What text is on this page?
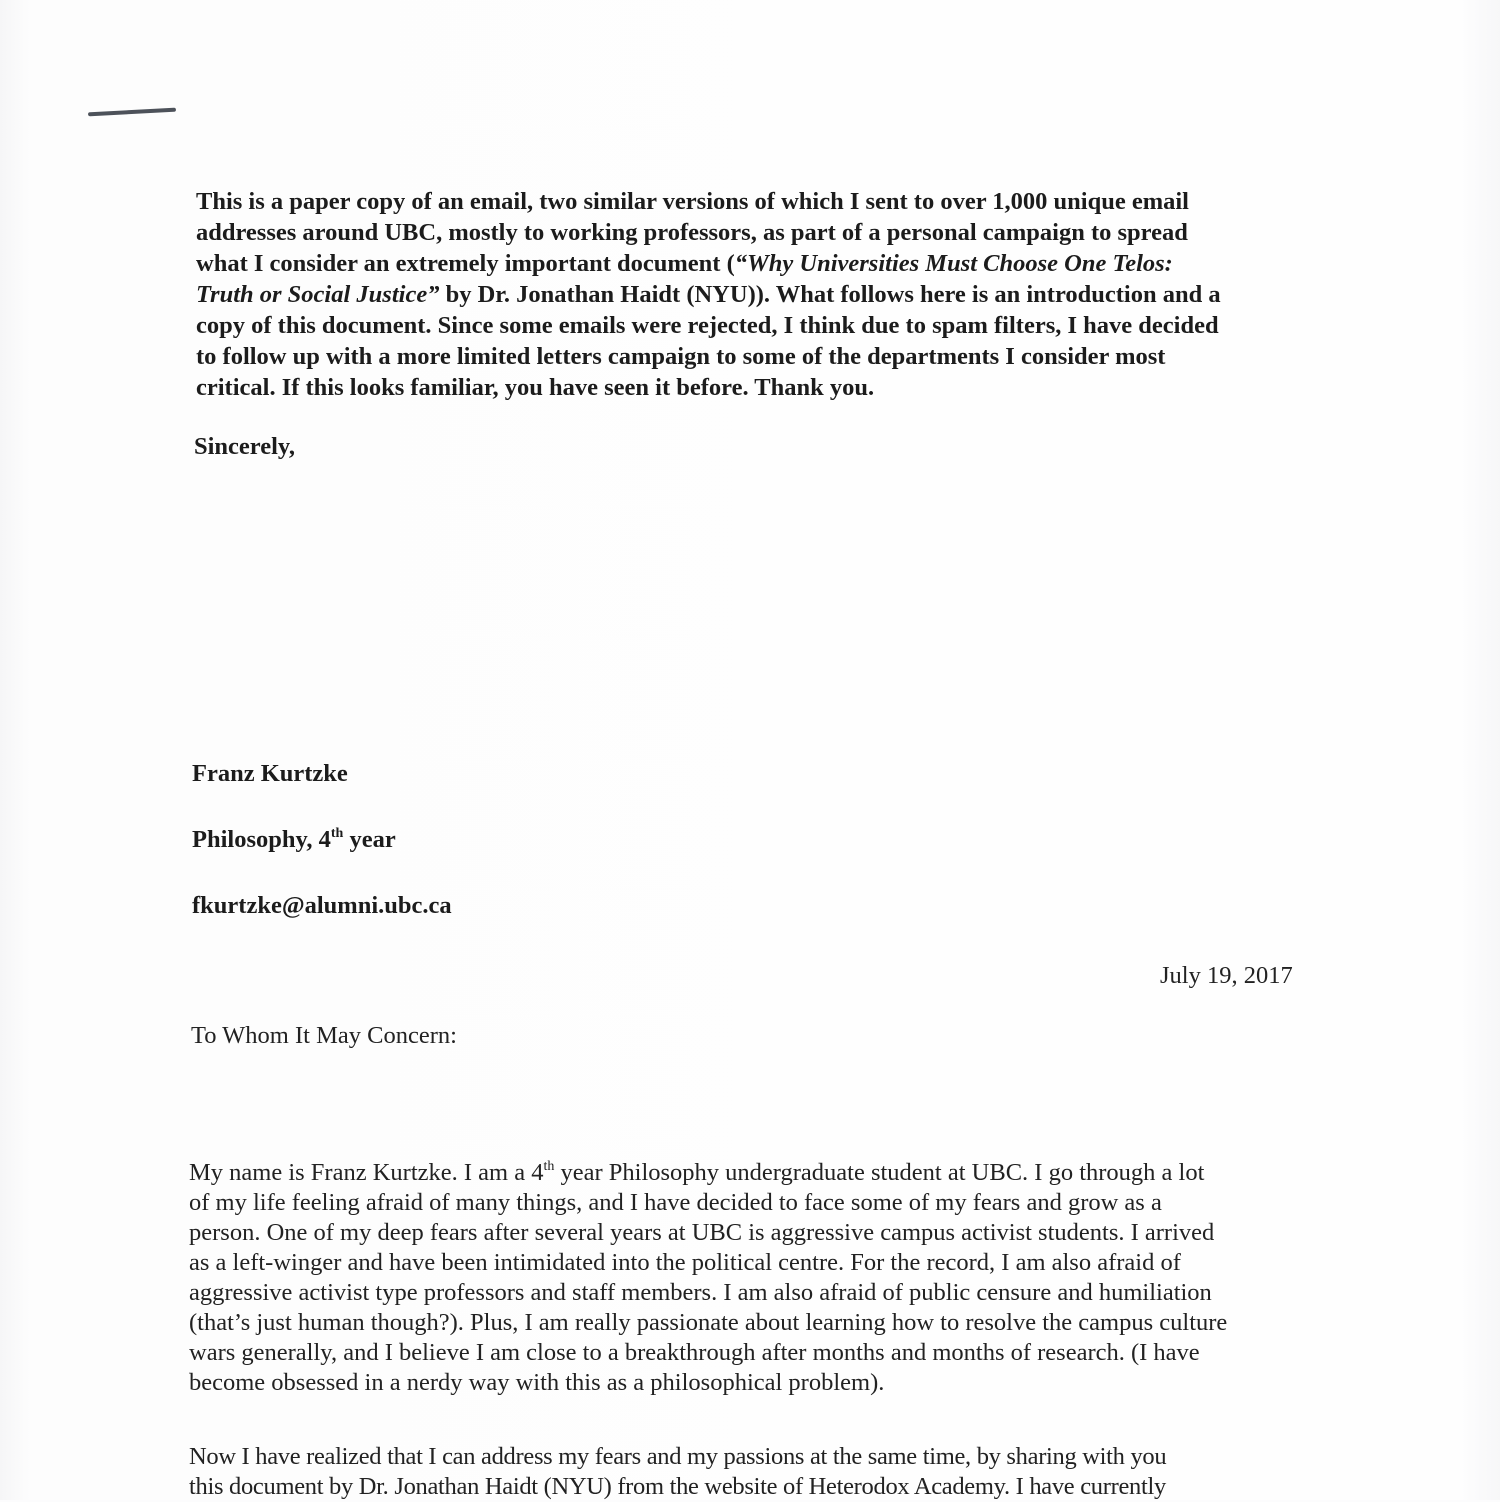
This is a paper copy of an email, two similar versions of which I sent to over 1,000 unique email
addresses around UBC, mostly to working professors, as part of a personal campaign to spread
what I consider an extremely important document (“Why Universities Must Choose One Telos:
Truth or Social Justice” by Dr. Jonathan Haidt (NYU)). What follows here is an introduction and a
copy of this document. Since some emails were rejected, I think due to spam filters, I have decided
to follow up with a more limited letters campaign to some of the departments I consider most
critical. If this looks familiar, you have seen it before. Thank you.
Sincerely,
Franz Kurtzke
Philosophy, 4th year
fkurtzke@alumni.ubc.ca
July 19, 2017
To Whom It May Concern:
My name is Franz Kurtzke. I am a 4th year Philosophy undergraduate student at UBC. I go through a lot
of my life feeling afraid of many things, and I have decided to face some of my fears and grow as a
person. One of my deep fears after several years at UBC is aggressive campus activist students. I arrived
as a left-winger and have been intimidated into the political centre. For the record, I am also afraid of
aggressive activist type professors and staff members. I am also afraid of public censure and humiliation
(that’s just human though?). Plus, I am really passionate about learning how to resolve the campus culture
wars generally, and I believe I am close to a breakthrough after months and months of research. (I have
become obsessed in a nerdy way with this as a philosophical problem).
Now I have realized that I can address my fears and my passions at the same time, by sharing with you
this document by Dr. Jonathan Haidt (NYU) from the website of Heterodox Academy. I have currently
